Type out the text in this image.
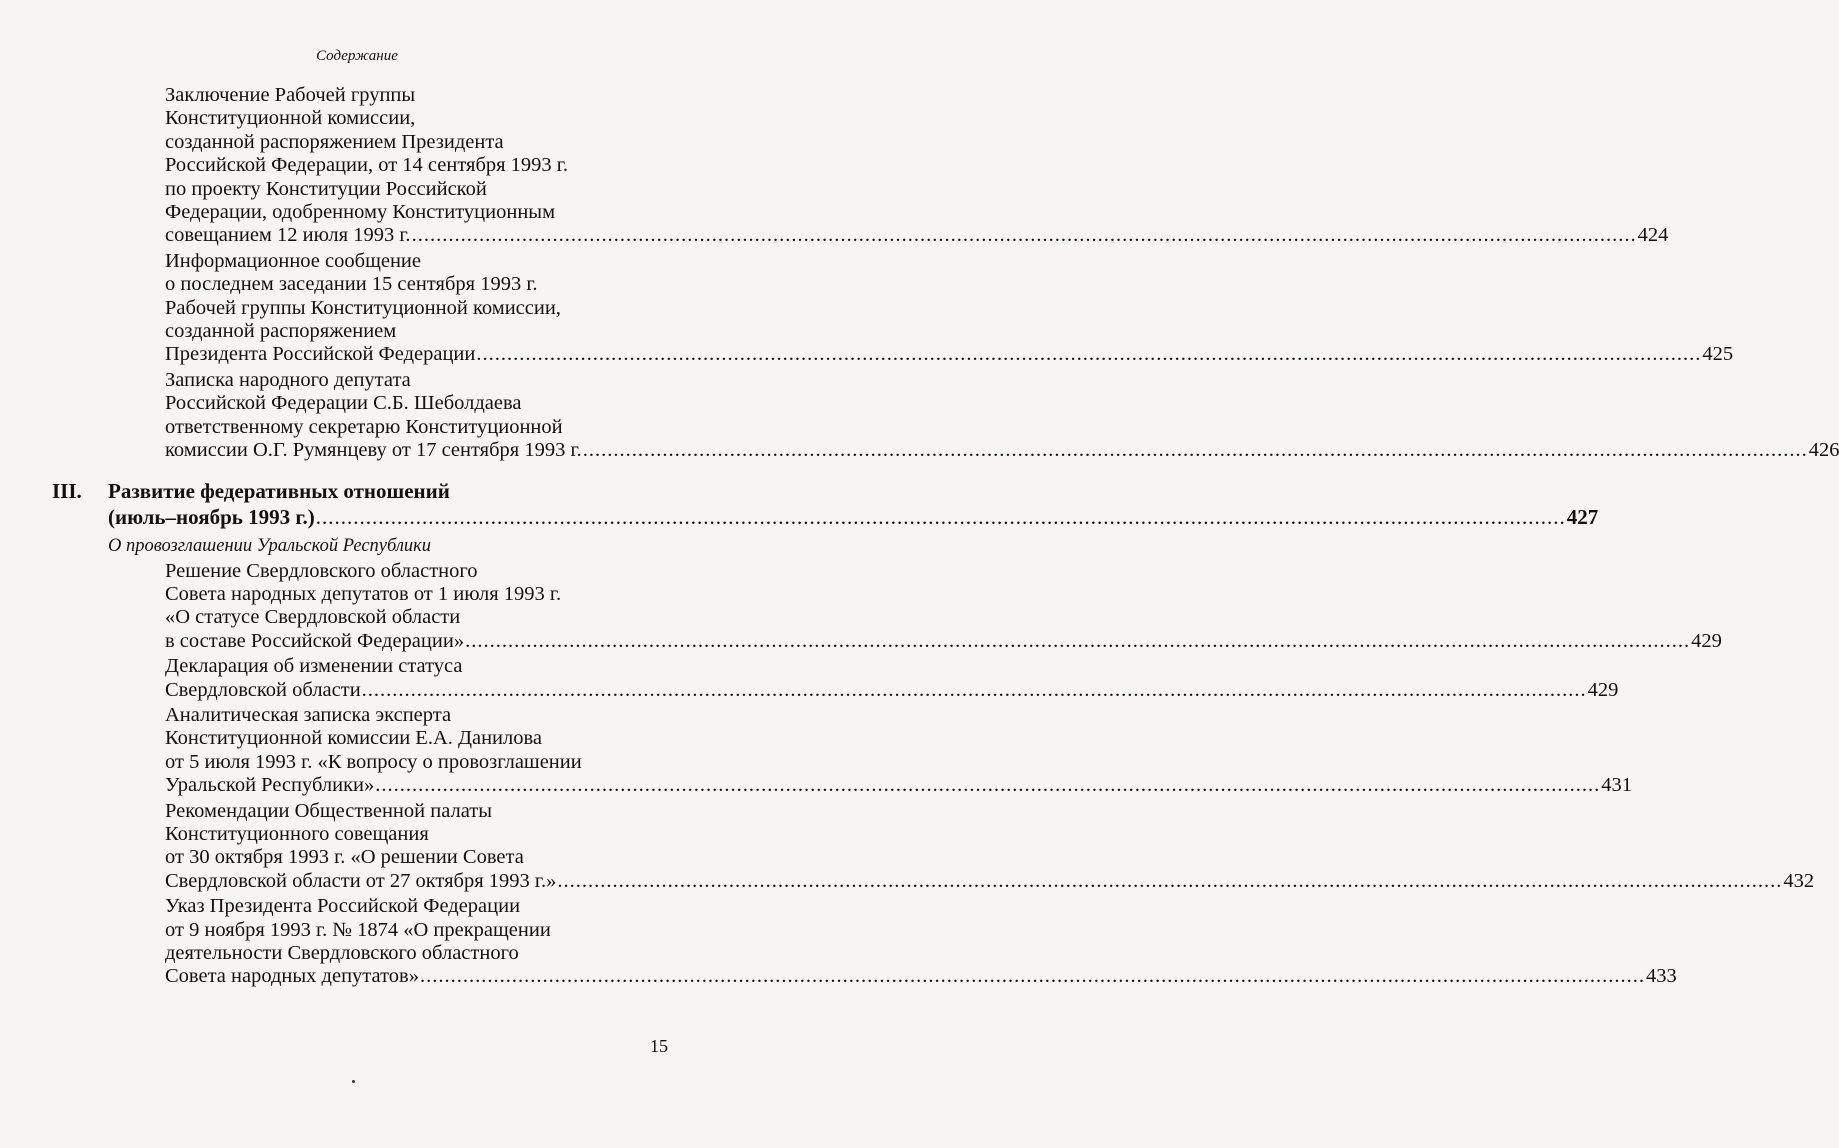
Содержание
Заключение Рабочей группы
Конституционной комиссии,
созданной распоряжением Президента
Российской Федерации, от 14 сентября 1993 г.
по проекту Конституции Российской
Федерации, одобренному Конституционным
совещанием 12 июля 1993 г. ........................................................................................................................................................................................................ 424
Информационное сообщение
о последнем заседании 15 сентября 1993 г.
Рабочей группы Конституционной комиссии,
созданной распоряжением
Президента Российской Федерации ........................................................................................................................................................................................................ 425
Записка народного депутата
Российской Федерации С.Б. Шеболдаева
ответственному секретарю Конституционной
комиссии О.Г. Румянцеву от 17 сентября 1993 г. ........................................................................................................................................................................................................ 426
III. Развитие федеративных отношений
(июль–ноябрь 1993 г.) ........................................................................................................................................................................................................ 427
О провозглашении Уральской Республики
Решение Свердловского областного
Совета народных депутатов от 1 июля 1993 г.
«О статусе Свердловской области
в составе Российской Федерации» ........................................................................................................................................................................................................ 429
Декларация об изменении статуса
Свердловской области ........................................................................................................................................................................................................ 429
Аналитическая записка эксперта
Конституционной комиссии Е.А. Данилова
от 5 июля 1993 г. «К вопросу о провозглашении
Уральской Республики» ........................................................................................................................................................................................................ 431
Рекомендации Общественной палаты
Конституционного совещания
от 30 октября 1993 г. «О решении Совета
Свердловской области от 27 октября 1993 г.» ........................................................................................................................................................................................................ 432
Указ Президента Российской Федерации
от 9 ноября 1993 г. № 1874 «О прекращении
деятельности Свердловского областного
Совета народных депутатов» ........................................................................................................................................................................................................ 433
15
